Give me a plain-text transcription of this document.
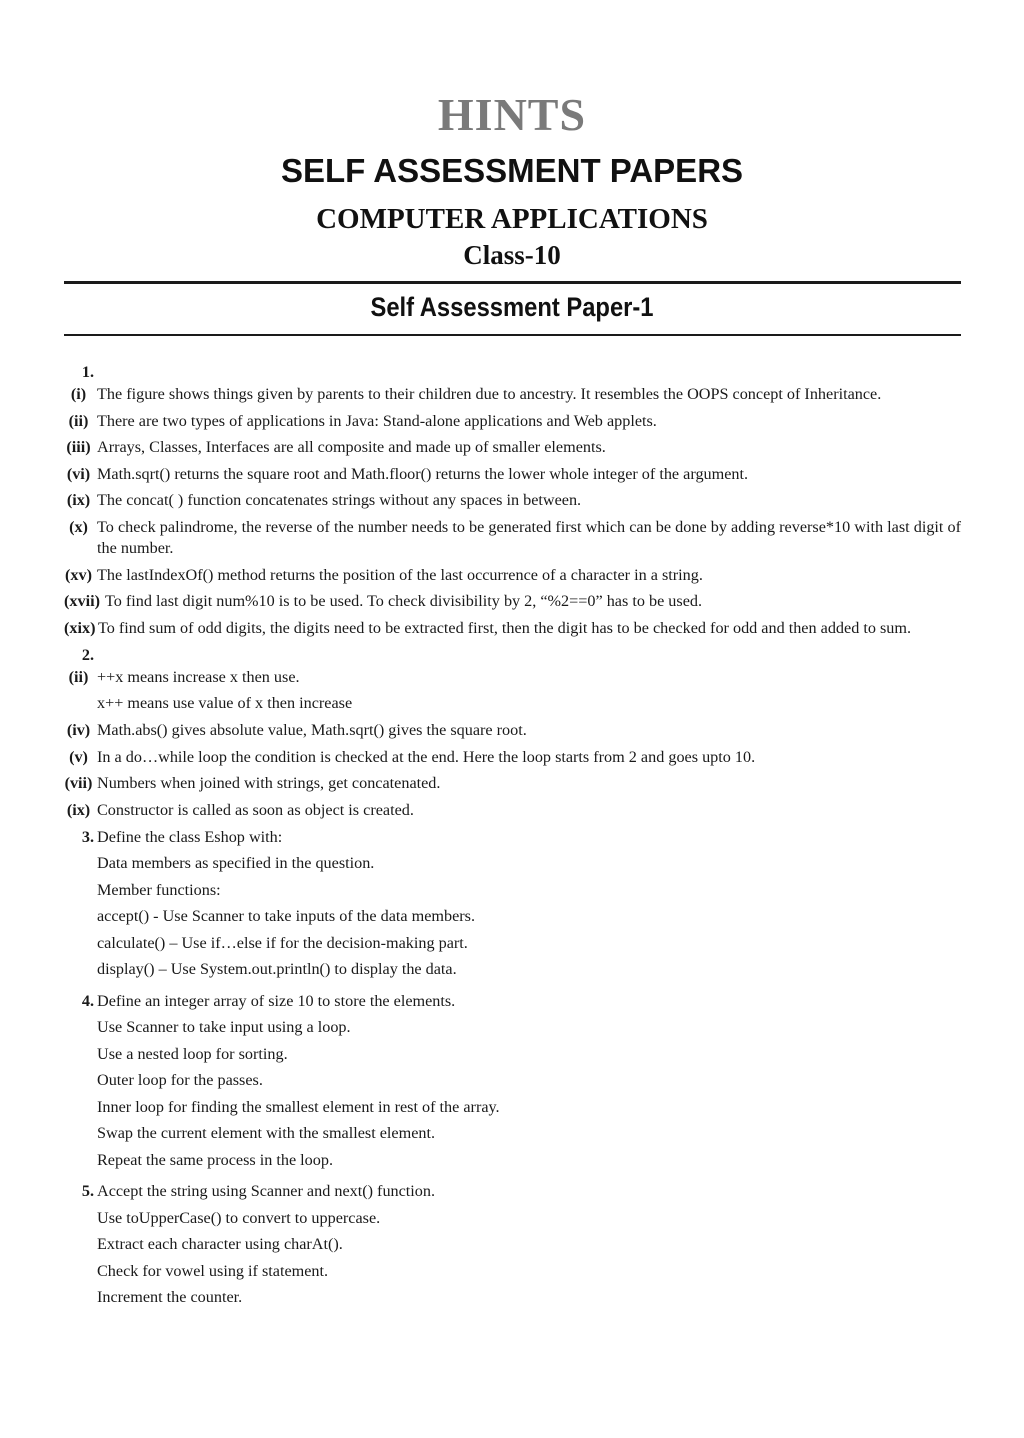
HINTS
SELF ASSESSMENT PAPERS
COMPUTER APPLICATIONS
Class-10
Self Assessment Paper-1
1.
(i) The figure shows things given by parents to their children due to ancestry. It resembles the OOPS concept of Inheritance.
(ii) There are two types of applications in Java: Stand-alone applications and Web applets.
(iii) Arrays, Classes, Interfaces are all composite and made up of smaller elements.
(vi) Math.sqrt() returns the square root and Math.floor() returns the lower whole integer of the argument.
(ix) The concat( ) function concatenates strings without any spaces in between.
(x) To check palindrome, the reverse of the number needs to be generated first which can be done by adding reverse*10 with last digit of the number.
(xv) The lastIndexOf() method returns the position of the last occurrence of a character in a string.
(xvii) To find last digit num%10 is to be used. To check divisibility by 2, “%2==0” has to be used.
(xix) To find sum of odd digits, the digits need to be extracted first, then the digit has to be checked for odd and then added to sum.
2.
(ii) ++x means increase x then use.
x++ means use value of x then increase
(iv) Math.abs() gives absolute value, Math.sqrt() gives the square root.
(v) In a do…while loop the condition is checked at the end. Here the loop starts from 2 and goes upto 10.
(vii) Numbers when joined with strings, get concatenated.
(ix) Constructor is called as soon as object is created.
3. Define the class Eshop with:
Data members as specified in the question.
Member functions:
accept() - Use Scanner to take inputs of the data members.
calculate() – Use if…else if for the decision-making part.
display() – Use System.out.println() to display the data.
4. Define an integer array of size 10 to store the elements.
Use Scanner to take input using a loop.
Use a nested loop for sorting.
Outer loop for the passes.
Inner loop for finding the smallest element in rest of the array.
Swap the current element with the smallest element.
Repeat the same process in the loop.
5. Accept the string using Scanner and next() function.
Use toUpperCase() to convert to uppercase.
Extract each character using charAt().
Check for vowel using if statement.
Increment the counter.
